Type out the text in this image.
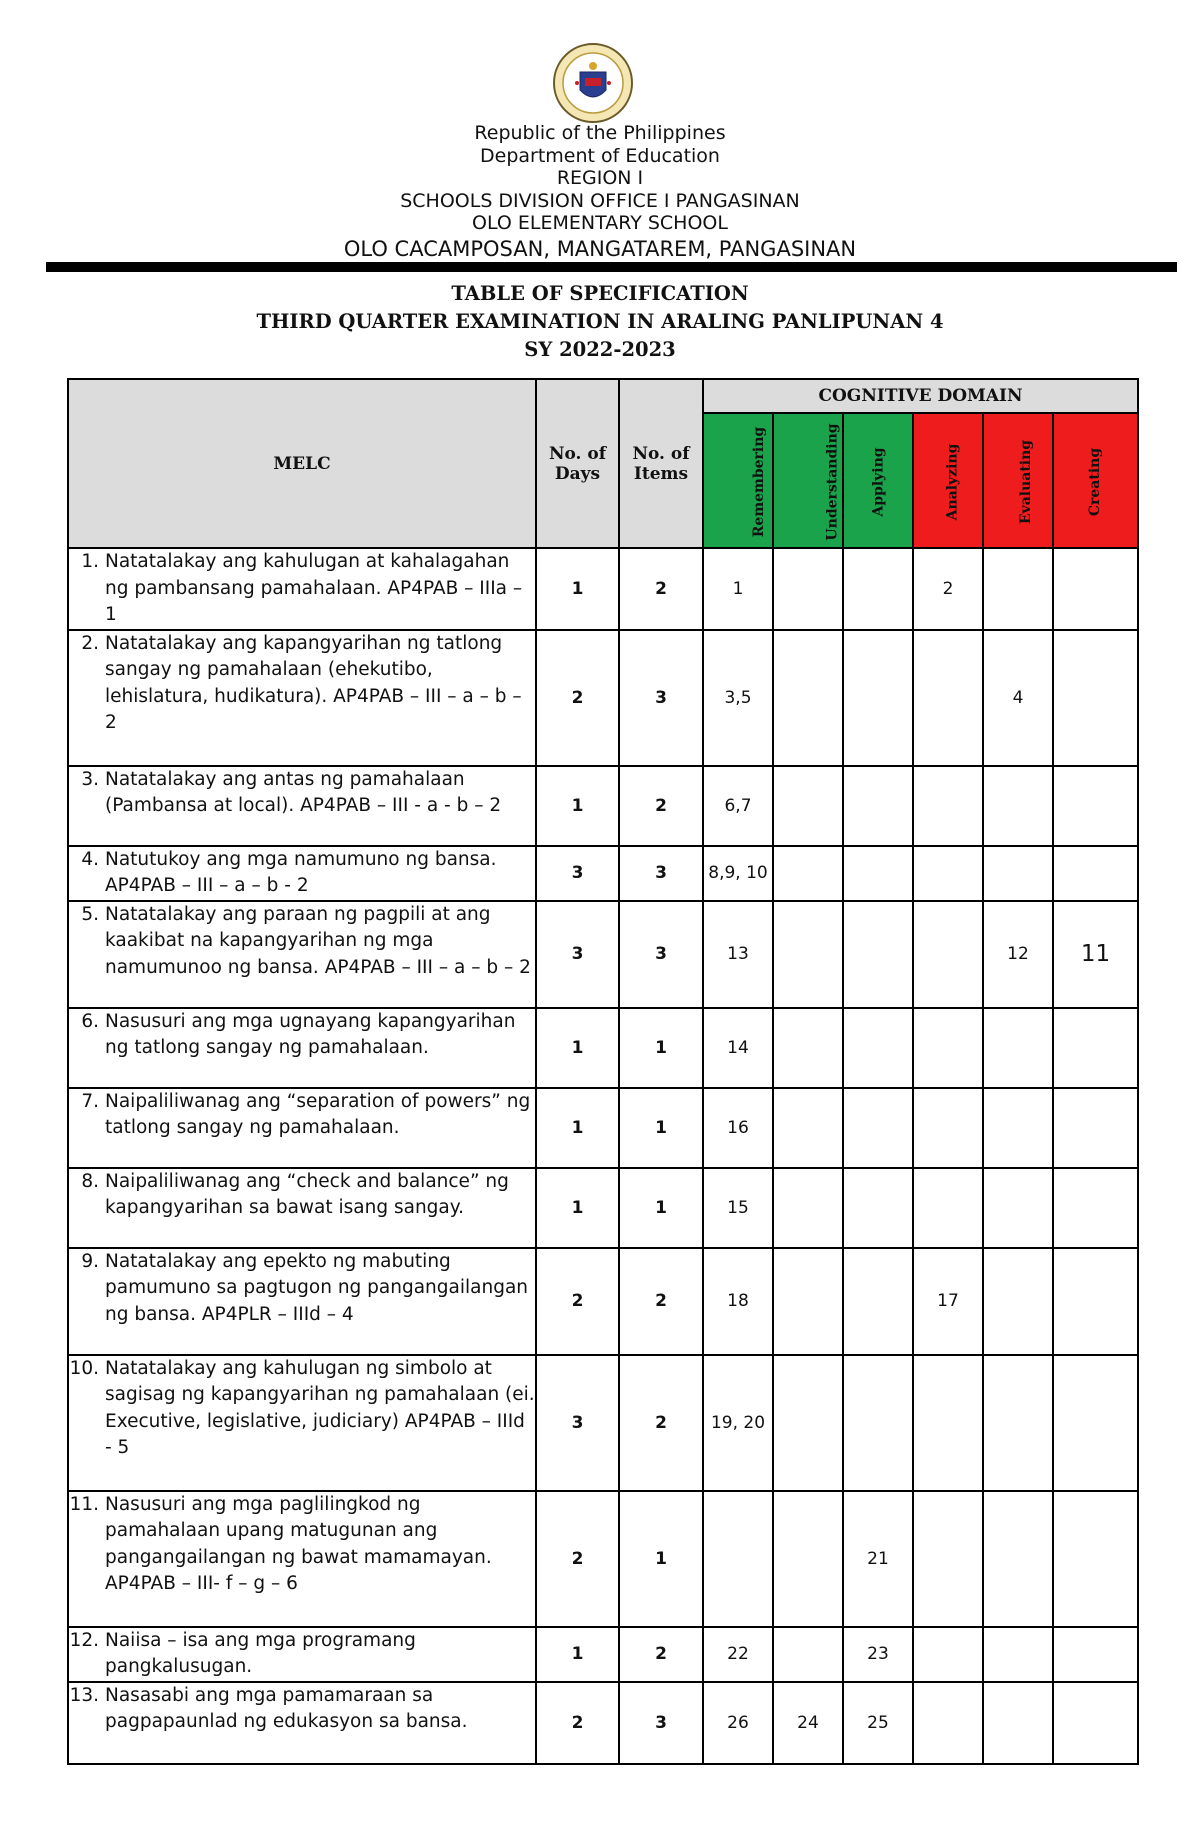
Republic of the Philippines
Department of Education
REGION I
SCHOOLS DIVISION OFFICE I PANGASINAN
OLO ELEMENTARY SCHOOL
OLO CACAMPOSAN, MANGATAREM, PANGASINAN
TABLE OF SPECIFICATION
THIRD QUARTER EXAMINATION IN ARALING PANLIPUNAN 4
SY 2022-2023
MELC	No. of Days	No. of Items	COGNITIVE DOMAIN					
			Remembering	Understanding	Applying	Analyzing	Evaluating	Creating

1. Natatalakay ang kahulugan at kahalagahan ng pambansang pamahalaan. AP4PAB – IIIa – 1	1	2	1			2		

2. Natatalakay ang kapangyarihan ng tatlong sangay ng pamahalaan (ehekutibo, lehislatura, hudikatura). AP4PAB – III – a – b – 2	2	3	3,5				4	

3. Natatalakay ang antas ng pamahalaan (Pambansa at local). AP4PAB – III - a - b – 2	1	2	6,7					

4. Natutukoy ang mga namumuno ng bansa. AP4PAB – III – a – b - 2	3	3	8,9, 10					

5. Natatalakay ang paraan ng pagpili at ang kaakibat na kapangyarihan ng mga namumunoo ng bansa. AP4PAB – III – a – b – 2	3	3	13				12	11

6. Nasusuri ang mga ugnayang kapangyarihan ng tatlong sangay ng pamahalaan.	1	1	14					

7. Naipaliliwanag ang “separation of powers” ng tatlong sangay ng pamahalaan.	1	1	16					

8. Naipaliliwanag ang “check and balance” ng kapangyarihan sa bawat isang sangay.	1	1	15					

9. Natatalakay ang epekto ng mabuting pamumuno sa pagtugon ng pangangailangan ng bansa. AP4PLR – IIId – 4	2	2	18			17		

10. Natatalakay ang kahulugan ng simbolo at sagisag ng kapangyarihan ng pamahalaan (ei. Executive, legislative, judiciary) AP4PAB – IIId - 5	3	2	19, 20					

11. Nasusuri ang mga paglilingkod ng pamahalaan upang matugunan ang pangangailangan ng bawat mamamayan. AP4PAB – III- f – g – 6	2	1			21			

12. Naiisa – isa ang mga programang pangkalusugan.	1	2	22		23			

13. Nasasabi ang mga pamamaraan sa pagpapaunlad ng edukasyon sa bansa.	2	3	26	24	25			
